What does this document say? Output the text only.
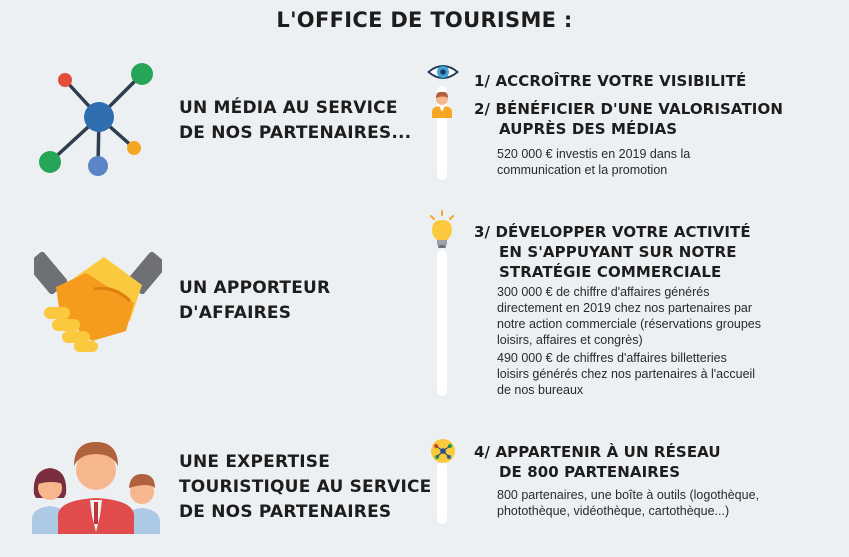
L'OFFICE DE TOURISME :
UN MÉDIA AU SERVICE
DE NOS PARTENAIRES...
UN APPORTEUR
D'AFFAIRES
UNE EXPERTISE
TOURISTIQUE AU SERVICE
DE NOS PARTENAIRES
1/ ACCROÎTRE VOTRE VISIBILITÉ
2/ BÉNÉFICIER D'UNE VALORISATION
AUPRÈS DES MÉDIAS
520 000 € investis en 2019 dans la
communication et la promotion
3/ DÉVELOPPER VOTRE ACTIVITÉ
EN S'APPUYANT SUR NOTRE
STRATÉGIE COMMERCIALE
300 000 € de chiffre d'affaires générés
directement en 2019 chez nos partenaires par
notre action commerciale (réservations groupes
loisirs, affaires et congrès)
490 000 € de chiffres d'affaires billetteries
loisirs générés chez nos partenaires à l'accueil
de nos bureaux
4/ APPARTENIR À UN RÉSEAU
DE 800 PARTENAIRES
800 partenaires, une boîte à outils (logothèque,
photothèque, vidéothèque, cartothèque...)
